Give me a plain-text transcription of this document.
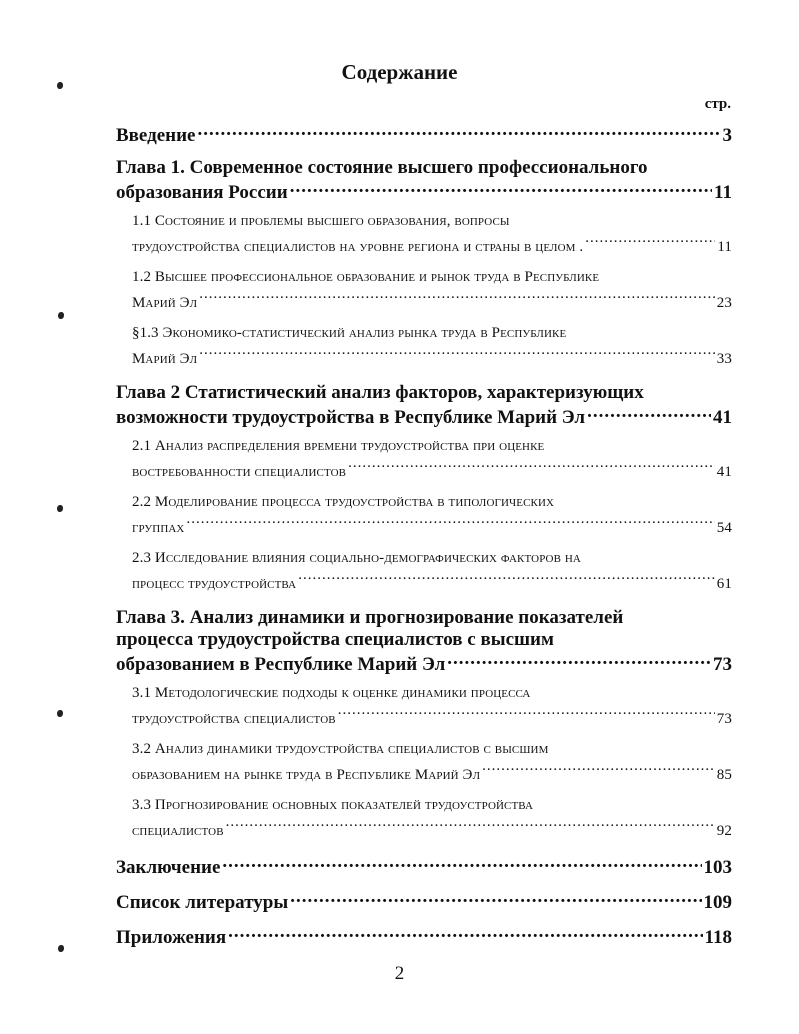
Содержание
стр.
Введение .....	3
Глава 1. Современное состояние высшего профессионального
образования России .....	11
1.1 Состояние и проблемы высшего образования, вопросы
трудоустройства специалистов на уровне региона и страны в целом . .....	11
1.2 Высшее профессиональное образование и рынок труда в Республике
Марий Эл .....	23
§1.3 Экономико-статистический анализ рынка труда в Республике
Марий Эл .....	33
Глава 2 Статистический анализ факторов, характеризующих
возможности трудоустройства в Республике Марий Эл .....	41
2.1 Анализ распределения времени трудоустройства при оценке
востребованности специалистов .....	41
2.2 Моделирование процесса трудоустройства в типологических
группах .....	54
2.3 Исследование влияния социально-демографических факторов на
процесс трудоустройства .....	61
Глава 3. Анализ динамики и прогнозирование показателей
процесса трудоустройства специалистов с высшим
образованием в Республике Марий Эл .....	73
3.1 Методологические подходы к оценке динамики процесса
трудоустройства специалистов .....	73
3.2 Анализ динамики трудоустройства специалистов с высшим
образованием на рынке труда в Республике Марий Эл .....	85
3.3 Прогнозирование основных показателей трудоустройства
специалистов .....	92
Заключение .....	103
Список литературы .....	109
Приложения .....	118
2
